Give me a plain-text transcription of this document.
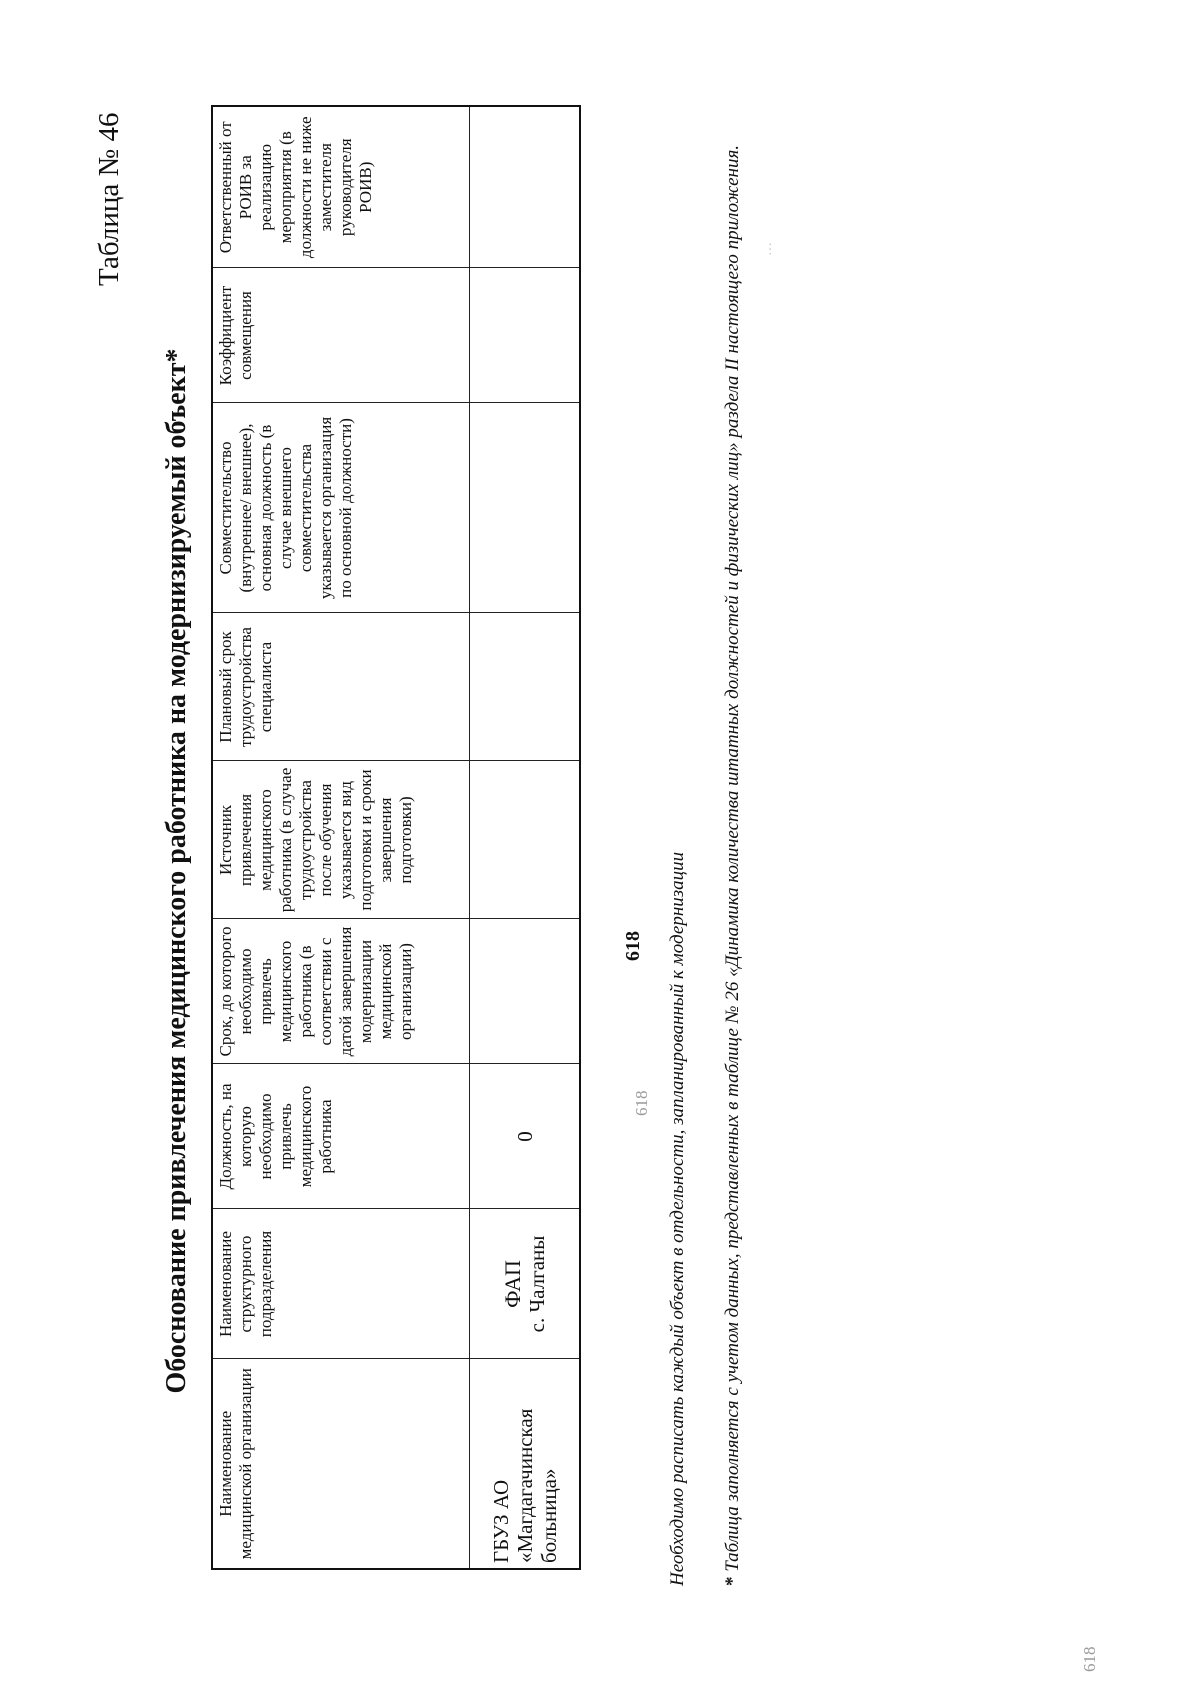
618
618
618
…
Таблица № 46
Обоснование привлечения медицинского работника на модернизируемый объект*
Наименование медицинской организации	Наименование структурного подразделения	Должность, на которую необходимо привлечь медицинского работника	Срок, до которого необходимо привлечь медицинского работника (в соответствии с датой завершения модернизации медицинской организации)	Источник привлечения медицинского работника (в случае трудоустройства после обучения указывается вид подготовки и сроки завершения подготовки)	Плановый срок трудоустройства специалиста	Совместительство (внутреннее/ внешнее), основная должность (в случае внешнего совместительства указывается организация по основной должности)	Коэффициент совмещения	Ответственный от РОИВ за реализацию мероприятия (в должности не ниже заместителя руководителя РОИВ)
ГБУЗ АО «Магдагачинская больница»	ФАП с. Чалганы	0							Необходимо расписать каждый объект в отдельности, запланированный к модернизации * Таблица заполняется с учетом данных, представленных в таблице № 26 «Динамика количества штатных должностей и физических лиц» раздела II настоящего приложения.
